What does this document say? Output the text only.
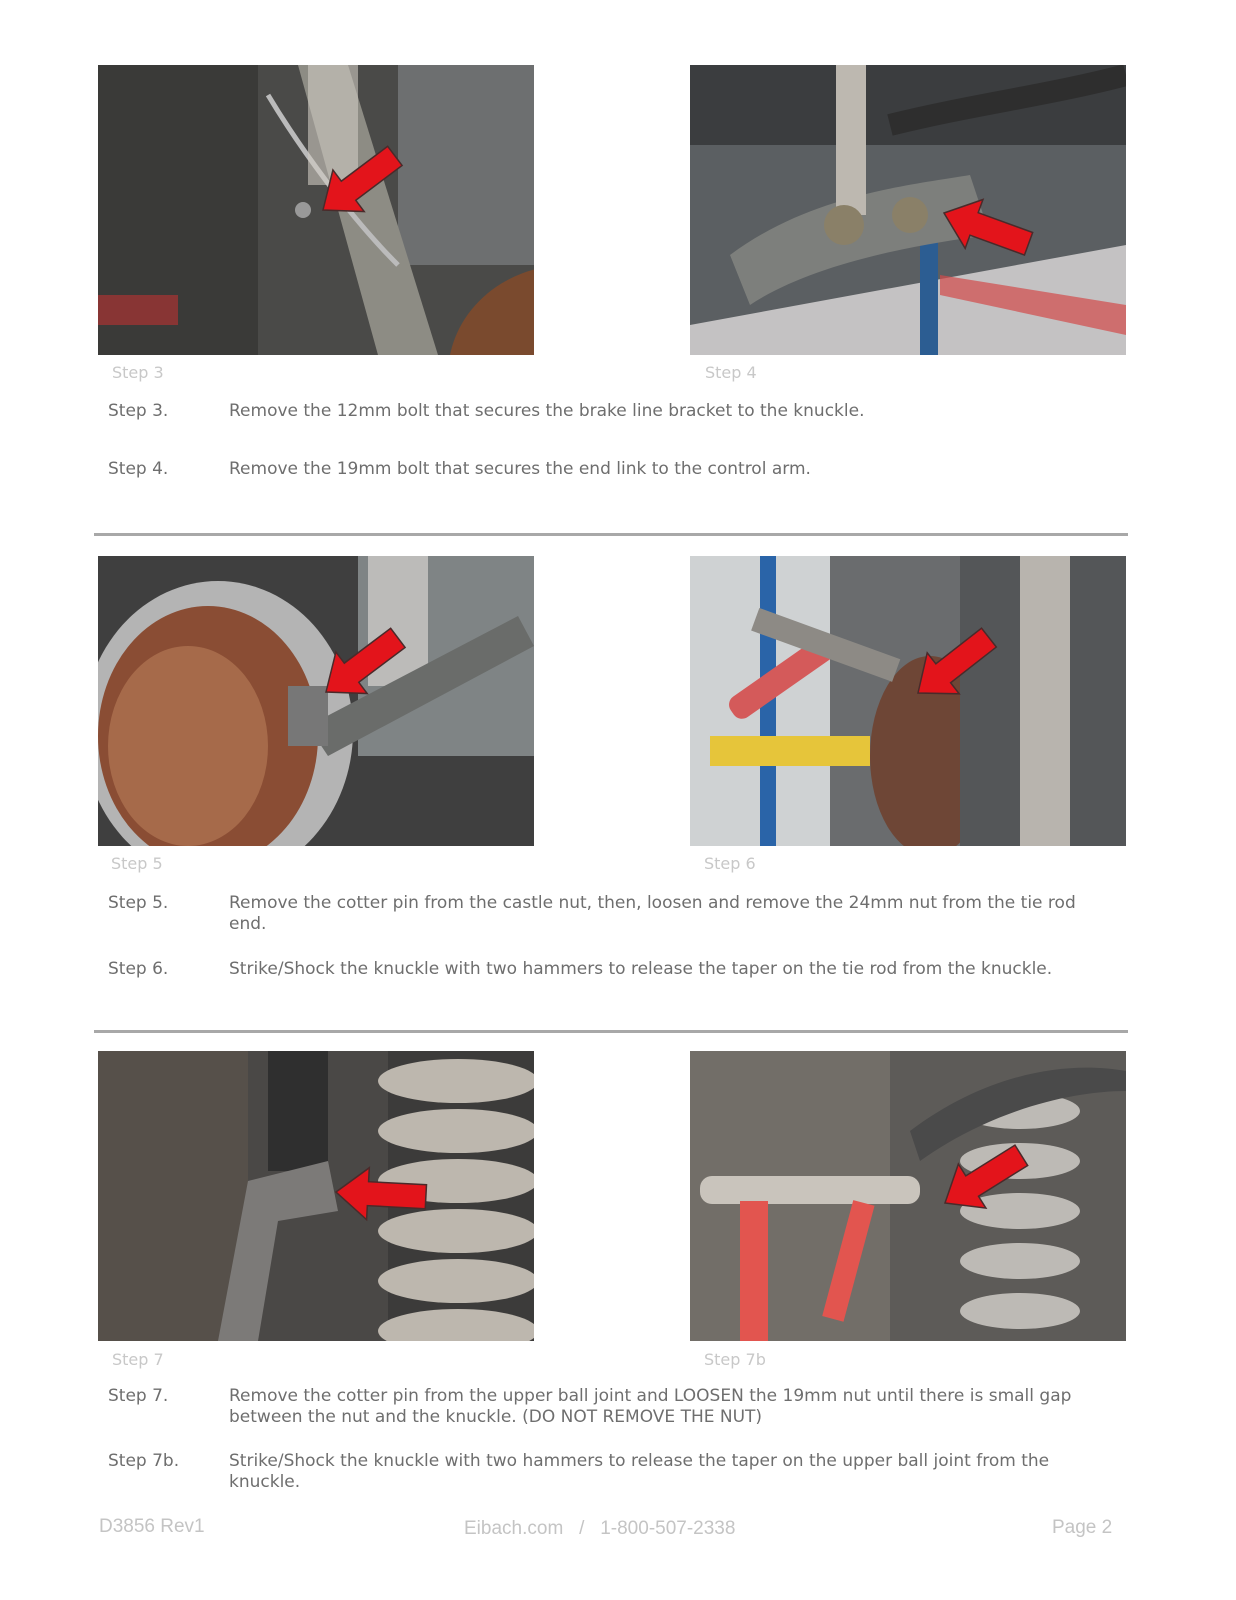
Step 3	Step 4
Step 3.	Remove the 12mm bolt that secures the brake line bracket to the knuckle.
Step 4.	Remove the 19mm bolt that secures the end link to the control arm.
Step 5	Step 6
Step 5.	Remove the cotter pin from the castle nut, then, loosen and remove the 24mm nut from the tie rod end.
Step 6.	Strike/Shock the knuckle with two hammers to release the taper on the tie rod from the knuckle.
Step 7	Step 7b
Step 7.	Remove the cotter pin from the upper ball joint and LOOSEN the 19mm nut until there is small gap between the nut and the knuckle. (DO NOT REMOVE THE NUT)
Step 7b.	Strike/Shock the knuckle with two hammers to release the taper on the upper ball joint from the knuckle.
D3856 Rev1	Eibach.com   /   1-800-507-2338	Page 2
